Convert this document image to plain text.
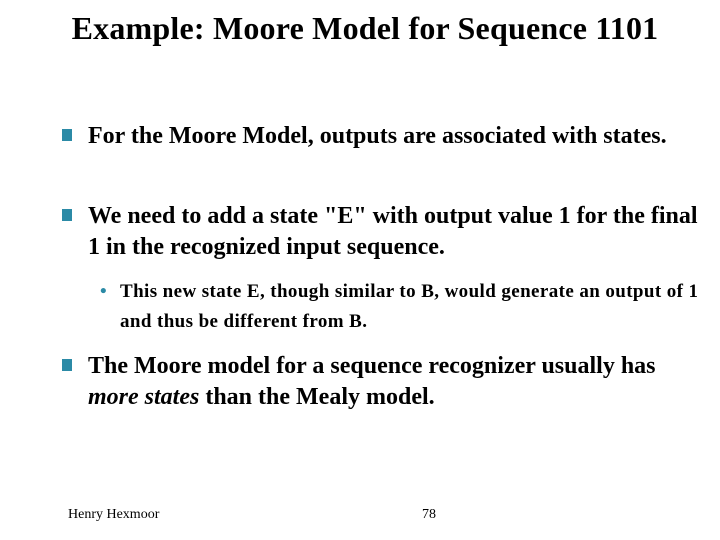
Example: Moore Model for Sequence 1101
For the Moore Model, outputs are associated with states.
We need to add a state "E" with output value 1 for the final 1 in the recognized input sequence.
• This new state E, though similar to B, would generate an output of 1 and thus be different from B.
The Moore model for a sequence recognizer usually has more states than the Mealy model.
Henry Hexmoor	78
